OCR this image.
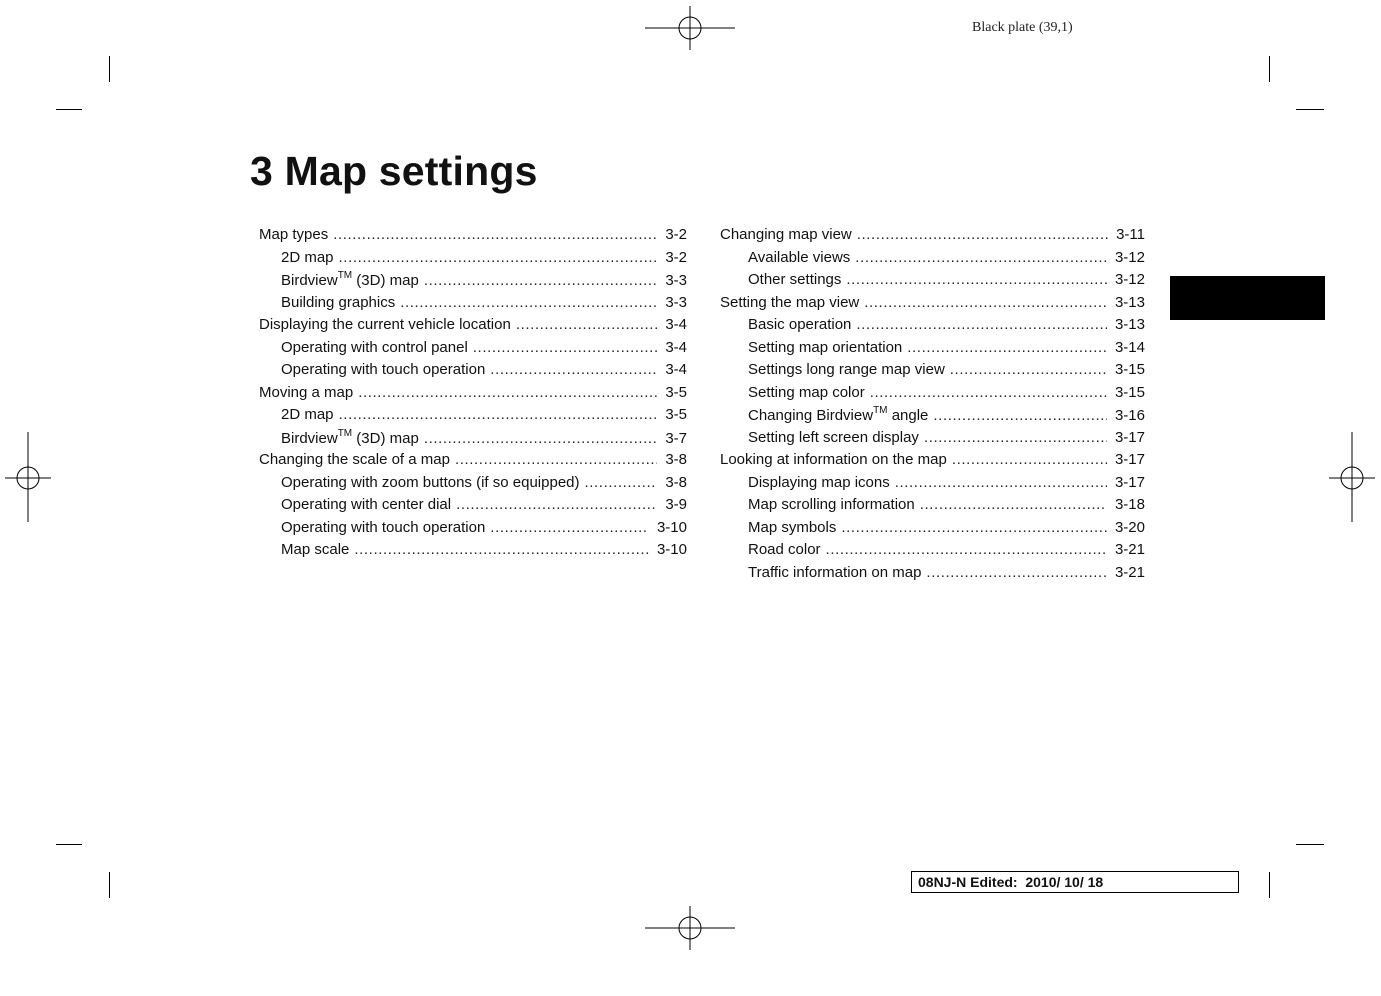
Black plate (39,1)
3 Map settings
Map types .....	3-2
2D map .....	3-2
Birdview™ (3D) map .....	3-3
Building graphics .....	3-3
Displaying the current vehicle location .....	3-4
Operating with control panel .....	3-4
Operating with touch operation .....	3-4
Moving a map .....	3-5
2D map .....	3-5
Birdview™ (3D) map .....	3-7
Changing the scale of a map .....	3-8
Operating with zoom buttons (if so equipped) .....	3-8
Operating with center dial .....	3-9
Operating with touch operation .....	3-10
Map scale .....	3-10
Changing map view .....	3-11
Available views .....	3-12
Other settings .....	3-12
Setting the map view .....	3-13
Basic operation .....	3-13
Setting map orientation .....	3-14
Settings long range map view .....	3-15
Setting map color .....	3-15
Changing Birdview™ angle .....	3-16
Setting left screen display .....	3-17
Looking at information on the map .....	3-17
Displaying map icons .....	3-17
Map scrolling information .....	3-18
Map symbols .....	3-20
Road color .....	3-21
Traffic information on map .....	3-21
08NJ-N Edited:  2010/ 10/ 18
